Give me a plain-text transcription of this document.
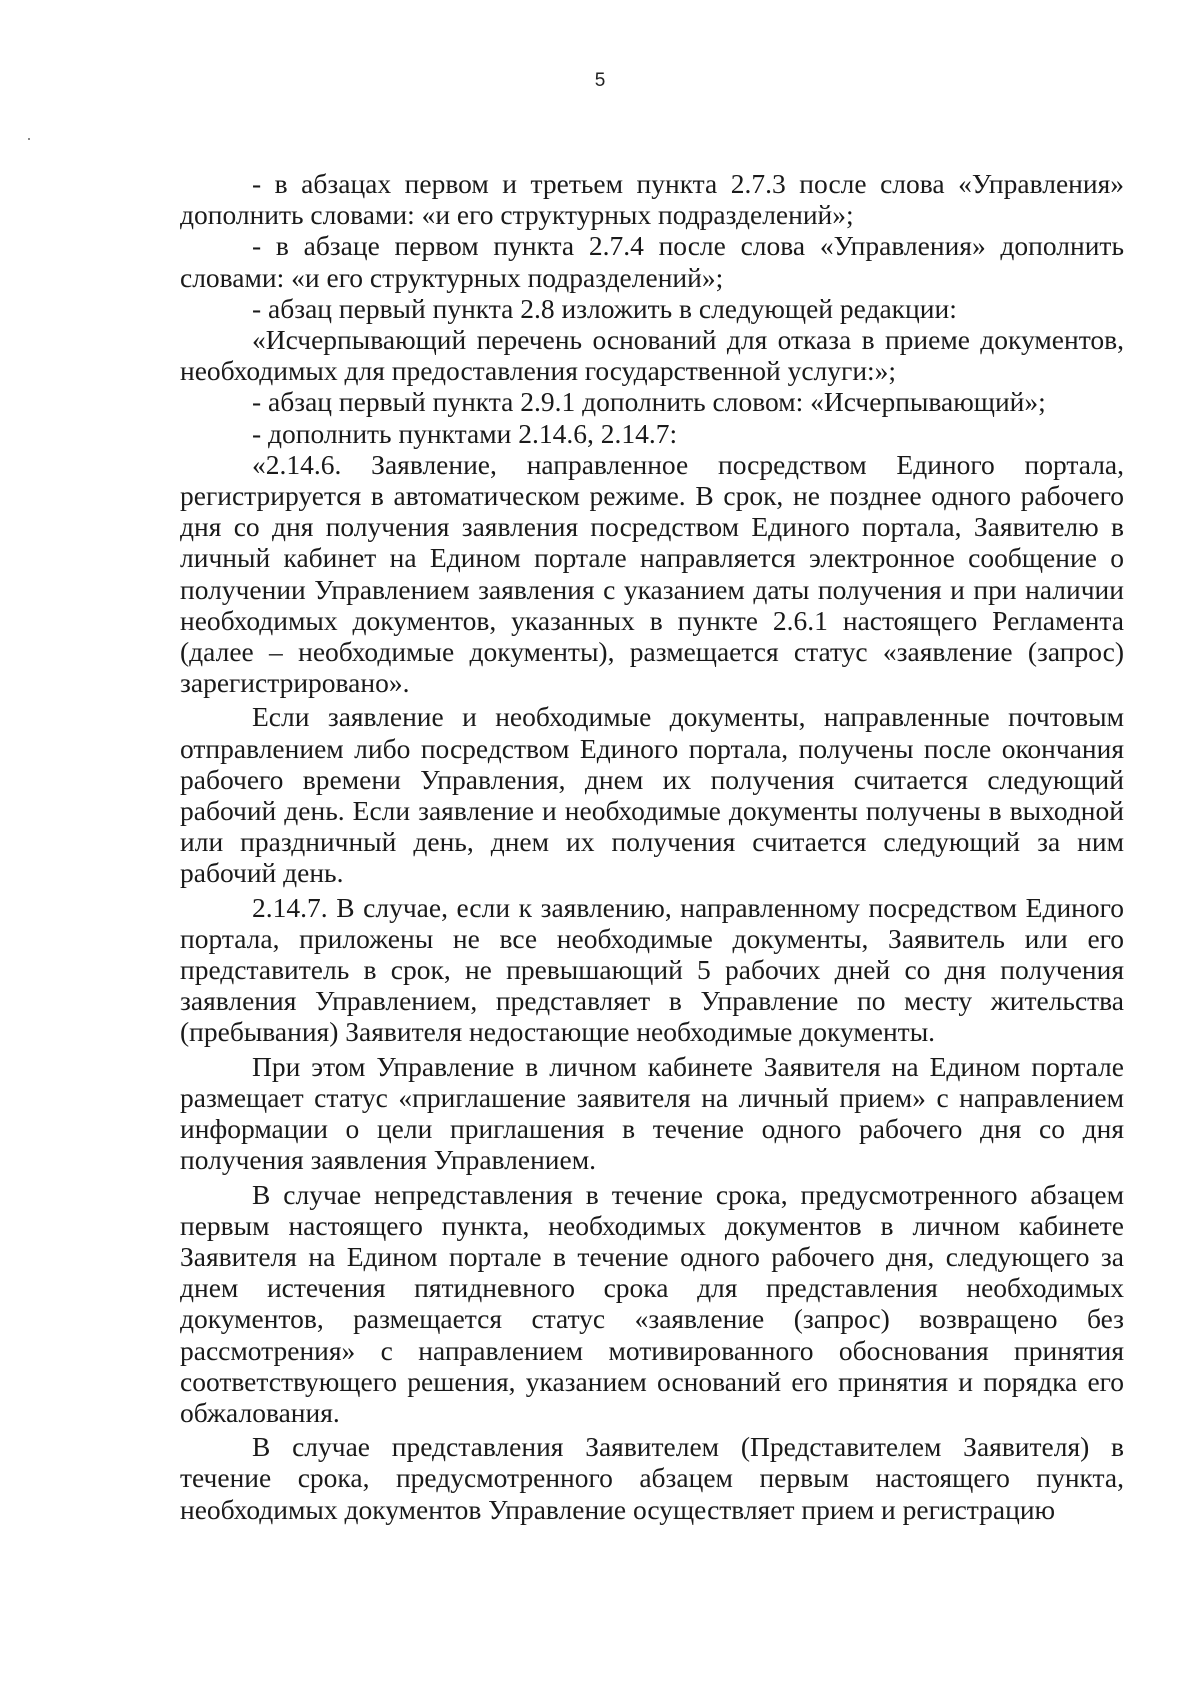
5

- в абзацах первом и третьем пункта 2.7.3 после слова «Управления» дополнить словами: «и его структурных подразделений»;

- в абзаце первом пункта 2.7.4 после слова «Управления» дополнить словами: «и его структурных подразделений»;

- абзац первый пункта 2.8 изложить в следующей редакции:

«Исчерпывающий перечень оснований для отказа в приеме документов, необходимых для предоставления государственной услуги:»;

- абзац первый пункта 2.9.1 дополнить словом: «Исчерпывающий»;

- дополнить пунктами 2.14.6, 2.14.7:

«2.14.6. Заявление, направленное посредством Единого портала, регистрируется в автоматическом режиме. В срок, не позднее одного рабочего дня со дня получения заявления посредством Единого портала, Заявителю в личный кабинет на Едином портале направляется электронное сообщение о получении Управлением заявления с указанием даты получения и при наличии необходимых документов, указанных в пункте 2.6.1 настоящего Регламента (далее – необходимые документы), размещается статус «заявление (запрос) зарегистрировано».

Если заявление и необходимые документы, направленные почтовым отправлением либо посредством Единого портала, получены после окончания рабочего времени Управления, днем их получения считается следующий рабочий день. Если заявление и необходимые документы получены в выходной или праздничный день, днем их получения считается следующий за ним рабочий день.

2.14.7. В случае, если к заявлению, направленному посредством Единого портала, приложены не все необходимые документы, Заявитель или его представитель в срок, не превышающий 5 рабочих дней со дня получения заявления Управлением, представляет в Управление по месту жительства (пребывания) Заявителя недостающие необходимые документы.

При этом Управление в личном кабинете Заявителя на Едином портале размещает статус «приглашение заявителя на личный прием» с направлением информации о цели приглашения в течение одного рабочего дня со дня получения заявления Управлением.

В случае непредставления в течение срока, предусмотренного абзацем первым настоящего пункта, необходимых документов в личном кабинете Заявителя на Едином портале в течение одного рабочего дня, следующего за днем истечения пятидневного срока для представления необходимых документов, размещается статус «заявление (запрос) возвращено без рассмотрения» с направлением мотивированного обоснования принятия соответствующего решения, указанием оснований его принятия и порядка его обжалования.

В случае представления Заявителем (Представителем Заявителя) в течение срока, предусмотренного абзацем первым настоящего пункта, необходимых документов Управление осуществляет прием и регистрацию
